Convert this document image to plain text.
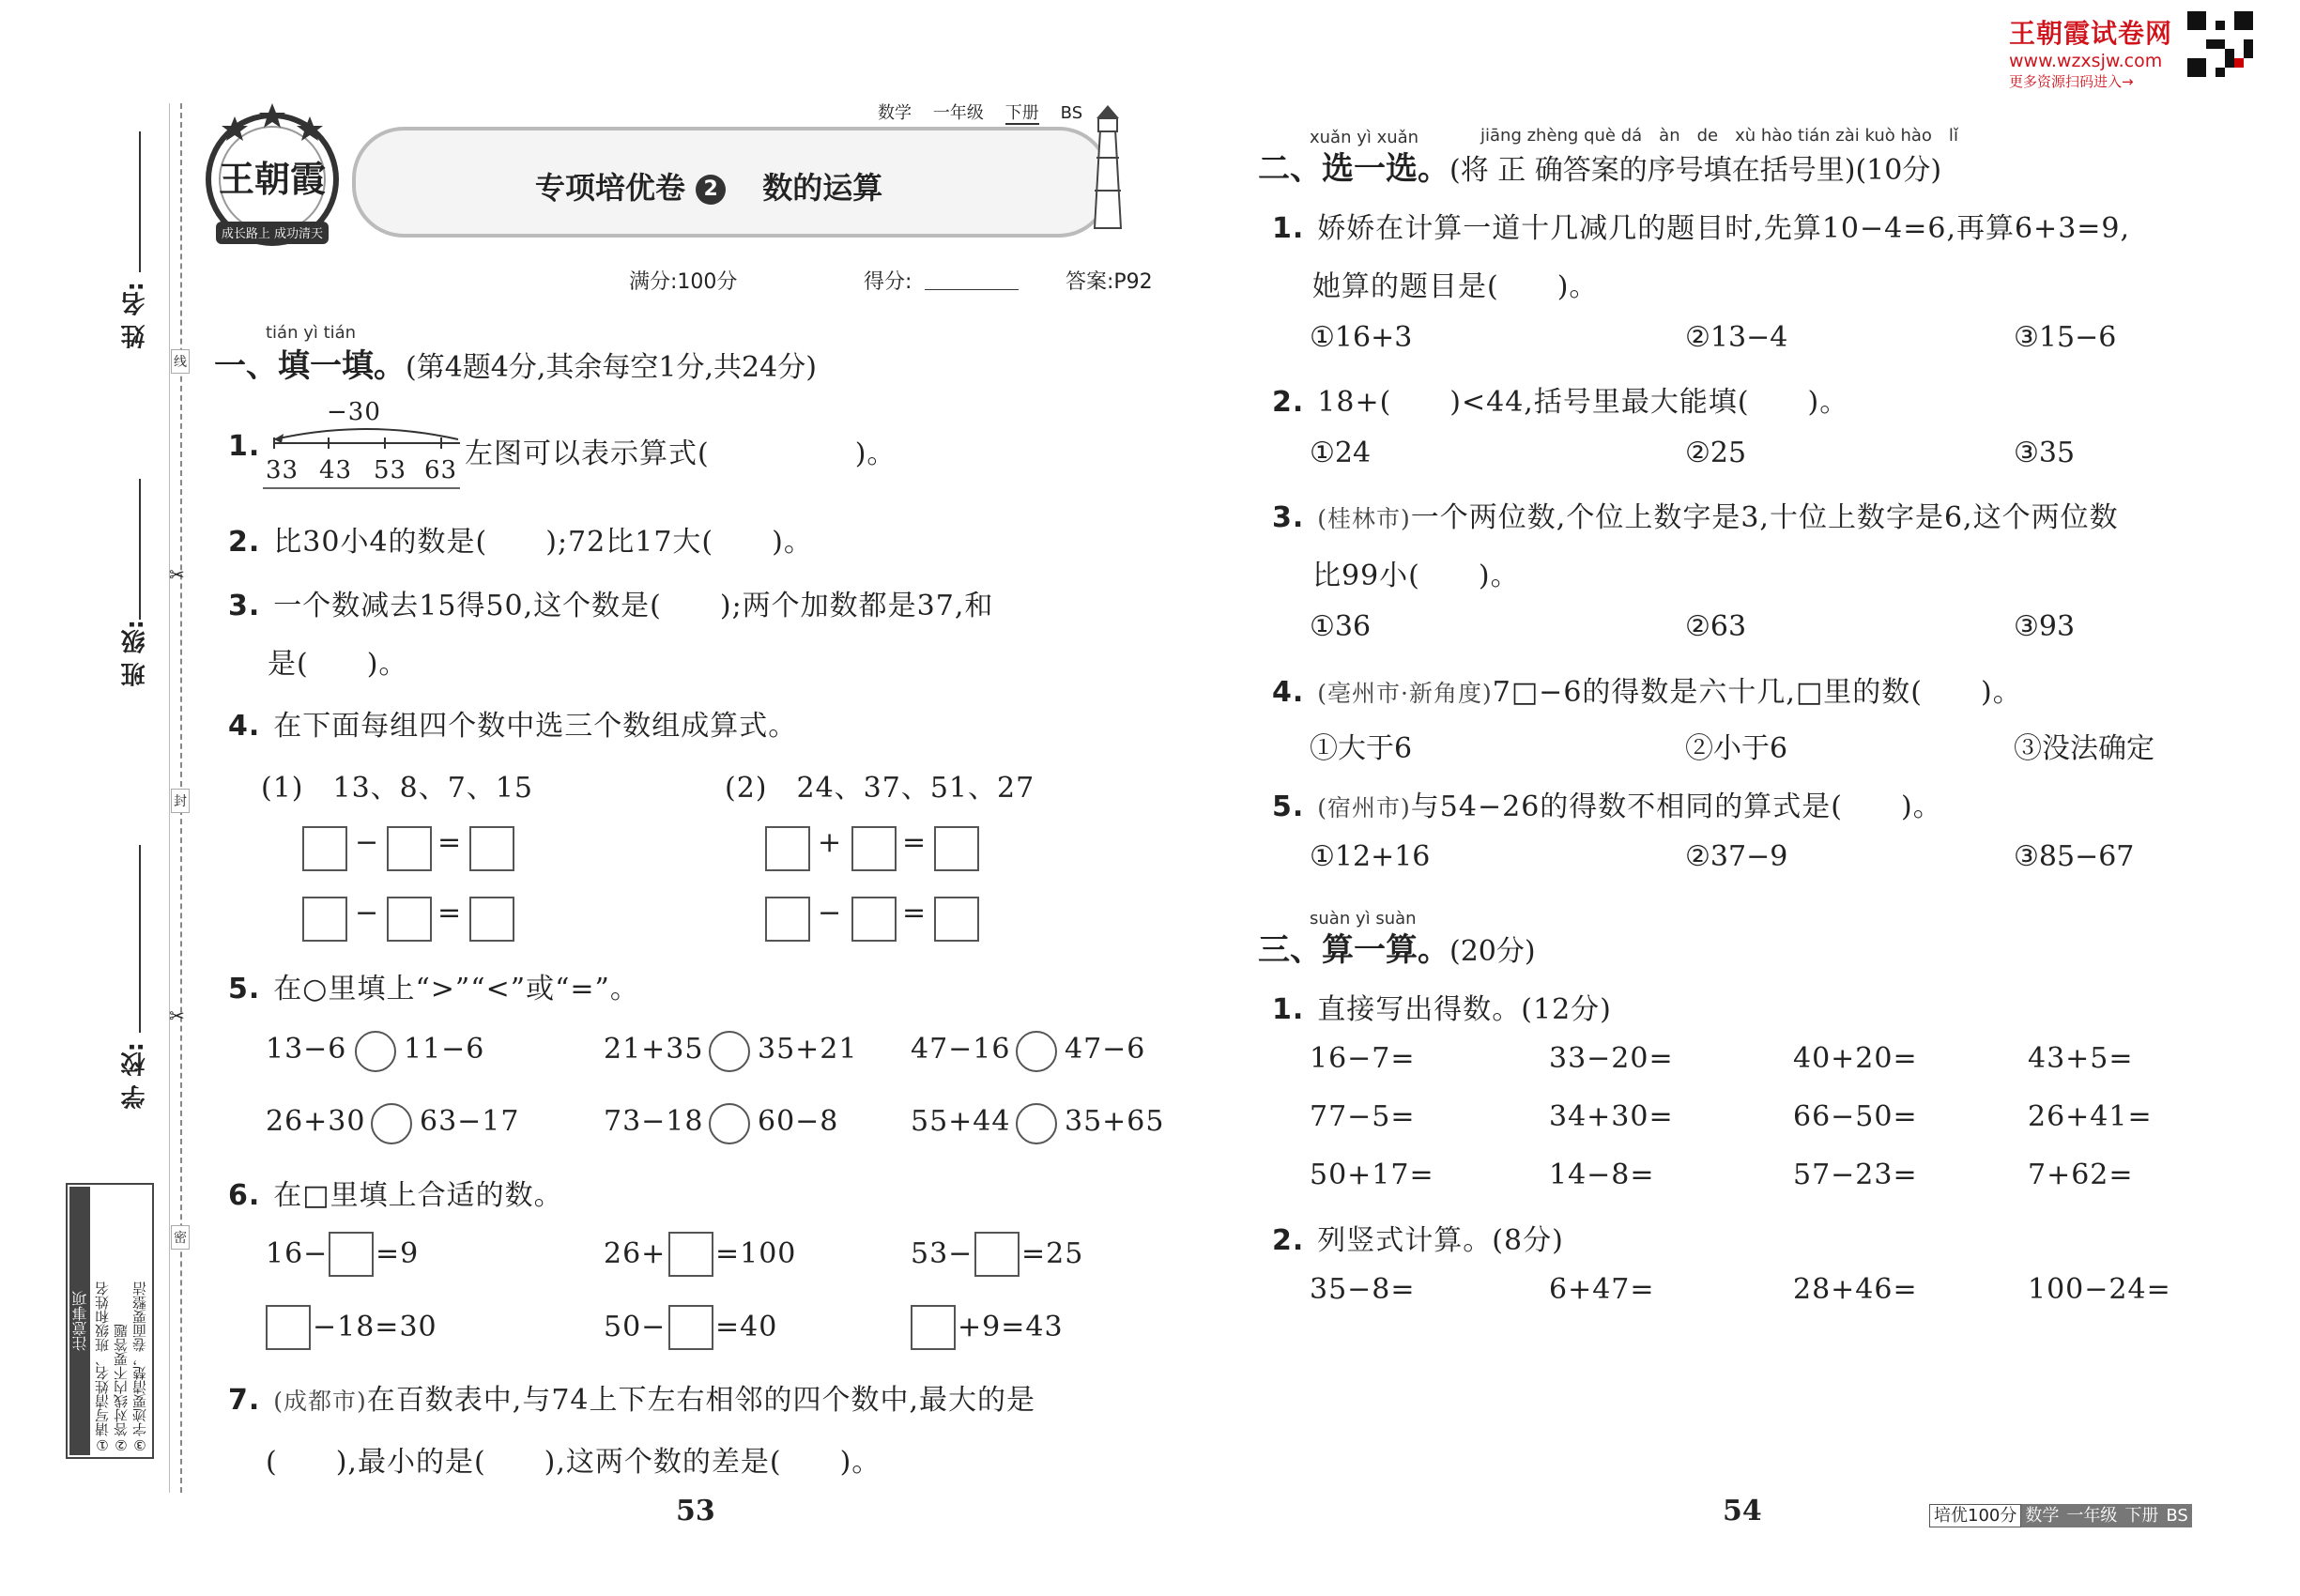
王朝霞试卷网
www.wzxsjw.com
更多资源扫码进入→
姓 名:
班 级:
学 校:
线
封
密
✂
✂
注意事项 ①请写清姓名、班级和姓名 ②答对线内不要答题 ③字迹要清楚，卷面要整洁
王朝霞
成长路上 成功清天
数学 一年级 下册 BS
专项培优卷 2 数的运算
满分:100分	得分:	答案:P92
tián yì tián
一、填一填。(第4题4分,其余每空1分,共24分)
1.
−30
33 43 53 63 左图可以表示算式(　　　　　)。
2. 比30小4的数是(　　);72比17大(　　)。
3. 一个数减去15得50,这个数是(　　);两个加数都是37,和
是(　　)。
4. 在下面每组四个数中选三个数组成算式。
(1)　13、8、7、15	(2)　24、37、51、27
− =
− =
+ =
− =
5. 在○里填上“>”“<”或“=”。
13−6 11−6	21+35 35+21 47−16 47−6
26+30 63−17	73−18 60−8	55+44 35+65
6. 在□里填上合适的数。
16− =9	26+ =100	53− =25
−18=30	50− =40	+9=43
7. (成都市)在百数表中,与74上下左右相邻的四个数中,最大的是
(　　),最小的是(　　),这两个数的差是(　　)。
53
xuǎn yì xuǎn	jiāng zhèng què dá　àn　de　xù hào tián zài kuò hào　lǐ
二、选一选。(将 正 确答案的序号填在括号里)(10分)
1. 娇娇在计算一道十几减几的题目时,先算10−4=6,再算6+3=9,
她算的题目是(　　)。
①16+3	②13−4	③15−6
2. 18+(　　)<44,括号里最大能填(　　)。
①24	②25	③35
3. (桂林市)一个两位数,个位上数字是3,十位上数字是6,这个两位数
比99小(　　)。
①36	②63	③93
4. (亳州市·新角度)7□−6的得数是六十几,□里的数(　　)。
①大于6	②小于6	③没法确定
5. (宿州市)与54−26的得数不相同的算式是(　　)。
①12+16	②37−9	③85−67
suàn yì suàn
三、算一算。(20分)
1. 直接写出得数。(12分)
16−7=	33−20=	40+20=	43+5=
77−5=	34+30=	66−50=	26+41=
50+17=	14−8=	57−23=	7+62=
2. 列竖式计算。(8分)
35−8=	6+47=	28+46=	100−24=
54	培优100分 数学 一年级 下册 BS
